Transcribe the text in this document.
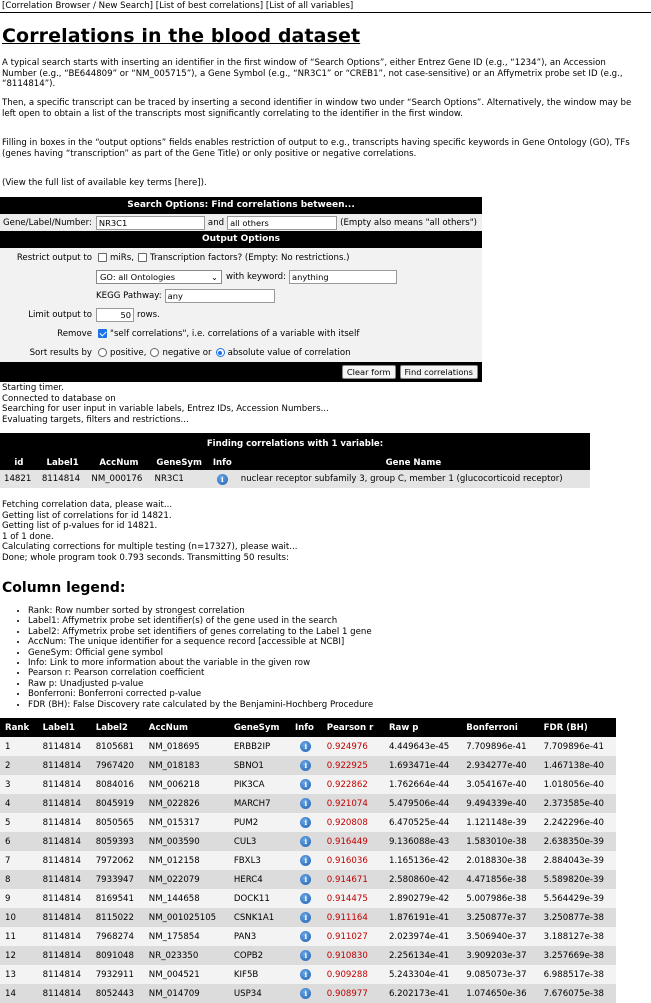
[Correlation Browser / New Search] [List of best correlations] [List of all variables]
Correlations in the blood dataset

A typical search starts with inserting an identifier in the first window of “Search Options”, either Entrez Gene ID (e.g., “1234”), an Accession Number (e.g., “BE644809” or “NM_005715”), a Gene Symbol (e.g., “NR3C1” or “CREB1”, not case-sensitive) or an Affymetrix probe set ID (e.g., “8114814”).

Then, a specific transcript can be traced by inserting a second identifier in window two under “Search Options”. Alternatively, the window may be left open to obtain a list of the transcripts most significantly correlating to the identifier in the first window.

Filling in boxes in the “output options” fields enables restriction of output to e.g., transcripts having specific keywords in Gene Ontology (GO), TFs (genes having “transcription” as part of the Gene Title) or only positive or negative correlations.

(View the full list of available key terms [here]).

Search Options: Find correlations between...
Gene/Label/Number: NR3C1	and all others	(Empty also means "all others")
Output Options
Restrict output to	miRs, Transcription factors? (Empty: No restrictions.)
GO: all Ontologies	⌄ with keyword: anything
KEGG Pathway: any
Limit output to	50 rows.
Remove	"self correlations", i.e. correlations of a variable with itself
Sort results by	positive, negative or absolute value of correlation
Clear form	Find correlations
Starting timer.
Connected to database on
Searching for user input in variable labels, Entrez IDs, Accession Numbers...
Evaluating targets, filters and restrictions...
Finding correlations with 1 variable:					
id	Label1	AccNum	GeneSym	Info	Gene Name
14821	8114814	NM_000176	NR3C1	i	nuclear receptor subfamily 3, group C, member 1 (glucocorticoid receptor)
Fetching correlation data, please wait...
Getting list of correlations for id 14821.
Getting list of p-values for id 14821.
1 of 1 done.
Calculating corrections for multiple testing (n=17327), please wait...
Done; whole program took 0.793 seconds. Transmitting 50 results:
Column legend:
• Rank: Row number sorted by strongest correlation
• Label1: Affymetrix probe set identifier(s) of the gene used in the search
• Label2: Affymetrix probe set identifiers of genes correlating to the Label 1 gene
• AccNum: The unique identifier for a sequence record [accessible at NCBI]
• GeneSym: Official gene symbol
• Info: Link to more information about the variable in the given row
• Pearson r: Pearson correlation coefficient
• Raw p: Unadjusted p-value
• Bonferroni: Bonferroni corrected p-value
• FDR (BH): False Discovery rate calculated by the Benjamini-Hochberg Procedure
Rank	Label1	Label2	AccNum	GeneSym	Info	Pearson r	Raw p	Bonferroni	FDR (BH)
1	8114814	8105681	NM_018695	ERBB2IP	i	0.924976	4.449643e-45	7.709896e-41	7.709896e-41
2	8114814	7967420	NM_018183	SBNO1	i	0.922925	1.693471e-44	2.934277e-40	1.467138e-40
3	8114814	8084016	NM_006218	PIK3CA	i	0.922862	1.762664e-44	3.054167e-40	1.018056e-40
4	8114814	8045919	NM_022826	MARCH7	i	0.921074	5.479506e-44	9.494339e-40	2.373585e-40
5	8114814	8050565	NM_015317	PUM2	i	0.920808	6.470525e-44	1.121148e-39	2.242296e-40
6	8114814	8059393	NM_003590	CUL3	i	0.916449	9.136088e-43	1.583010e-38	2.638350e-39
7	8114814	7972062	NM_012158	FBXL3	i	0.916036	1.165136e-42	2.018830e-38	2.884043e-39
8	8114814	7933947	NM_022079	HERC4	i	0.914671	2.580860e-42	4.471856e-38	5.589820e-39
9	8114814	8169541	NM_144658	DOCK11	i	0.914475	2.890279e-42	5.007986e-38	5.564429e-39
10	8114814	8115022	NM_001025105	CSNK1A1	i	0.911164	1.876191e-41	3.250877e-37	3.250877e-38
11	8114814	7968274	NM_175854	PAN3	i	0.911027	2.023974e-41	3.506940e-37	3.188127e-38
12	8114814	8091048	NR_023350	COPB2	i	0.910830	2.256134e-41	3.909203e-37	3.257669e-38
13	8114814	7932911	NM_004521	KIF5B	i	0.909288	5.243304e-41	9.085073e-37	6.988517e-38
14	8114814	8052443	NM_014709	USP34	i	0.908977	6.202173e-41	1.074650e-36	7.676075e-38
